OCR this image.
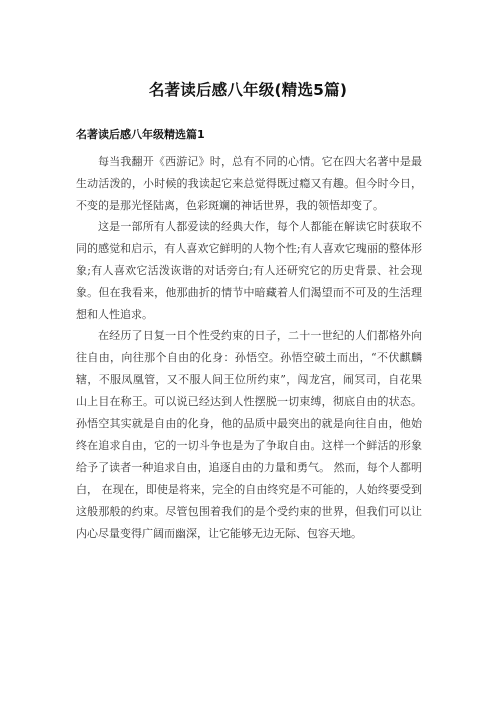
名著读后感八年级(精选5篇)
名著读后感八年级精选篇1

每当我翻开《西游记》时，总有不同的心情。它在四大名著中是最生动活泼的，小时候的我读起它来总觉得既过瘾又有趣。但今时今日，不变的是那光怪陆离，色彩斑斓的神话世界，我的领悟却变了。

这是一部所有人都爱读的经典大作，每个人都能在解读它时获取不同的感觉和启示，有人喜欢它鲜明的人物个性;有人喜欢它瑰丽的整体形象;有人喜欢它活泼诙谐的对话旁白;有人还研究它的历史背景、社会现象。但在我看来，他那曲折的情节中暗藏着人们渴望而不可及的生活理想和人性追求。

在经历了日复一日个性受约束的日子，二十一世纪的人们都格外向往自由，向往那个自由的化身：孙悟空。孙悟空破土而出，“不伏麒麟辖，不服凤凰管，又不服人间王位所约束”，闯龙宫，闹冥司，自花果山上目在称王。可以说已经达到人性摆脱一切束缚，彻底自由的状态。孙悟空其实就是自由的化身，他的品质中最突出的就是向往自由，他始终在追求自由，它的一切斗争也是为了争取自由。这样一个鲜活的形象给予了读者一种追求自由，追逐自由的力量和勇气。 然而，每个人都明白， 在现在，即使是将来，完全的自由终究是不可能的，人始终要受到这般那般的约束。尽管包围着我们的是个受约束的世界，但我们可以让内心尽量变得广阔而幽深，让它能够无边无际、包容天地。
